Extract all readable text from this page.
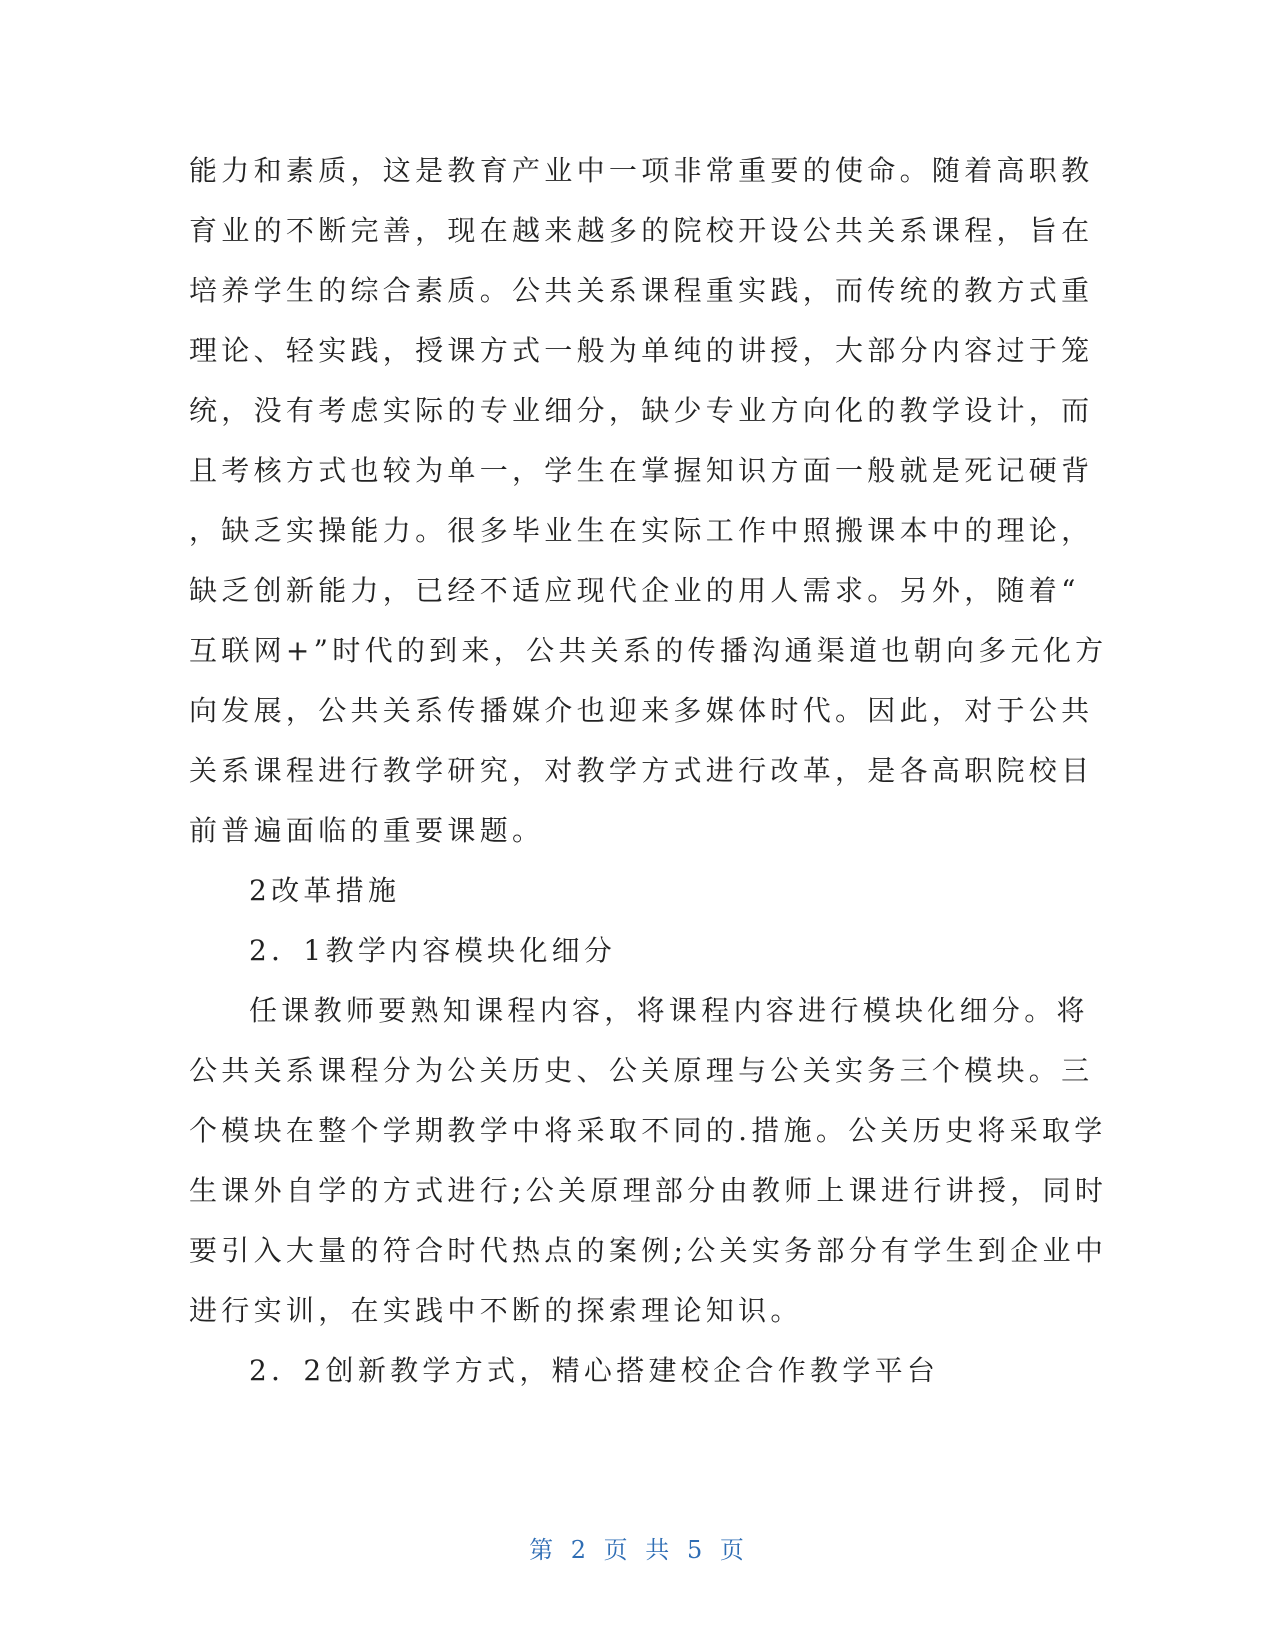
能力和素质，这是教育产业中一项非常重要的使命。随着高职教
育业的不断完善，现在越来越多的院校开设公共关系课程，旨在
培养学生的综合素质。公共关系课程重实践，而传统的教方式重
理论、轻实践，授课方式一般为单纯的讲授，大部分内容过于笼
统，没有考虑实际的专业细分，缺少专业方向化的教学设计，而
且考核方式也较为单一，学生在掌握知识方面一般就是死记硬背
，缺乏实操能力。很多毕业生在实际工作中照搬课本中的理论，
缺乏创新能力，已经不适应现代企业的用人需求。另外，随着“
互联网+”时代的到来，公共关系的传播沟通渠道也朝向多元化方
向发展，公共关系传播媒介也迎来多媒体时代。因此，对于公共
关系课程进行教学研究，对教学方式进行改革，是各高职院校目
前普遍面临的重要课题。
2改革措施
2．1教学内容模块化细分
任课教师要熟知课程内容，将课程内容进行模块化细分。将
公共关系课程分为公关历史、公关原理与公关实务三个模块。三
个模块在整个学期教学中将采取不同的.措施。公关历史将采取学
生课外自学的方式进行;公关原理部分由教师上课进行讲授，同时
要引入大量的符合时代热点的案例;公关实务部分有学生到企业中
进行实训，在实践中不断的探索理论知识。
2．2创新教学方式，精心搭建校企合作教学平台
第 2 页 共 5 页
